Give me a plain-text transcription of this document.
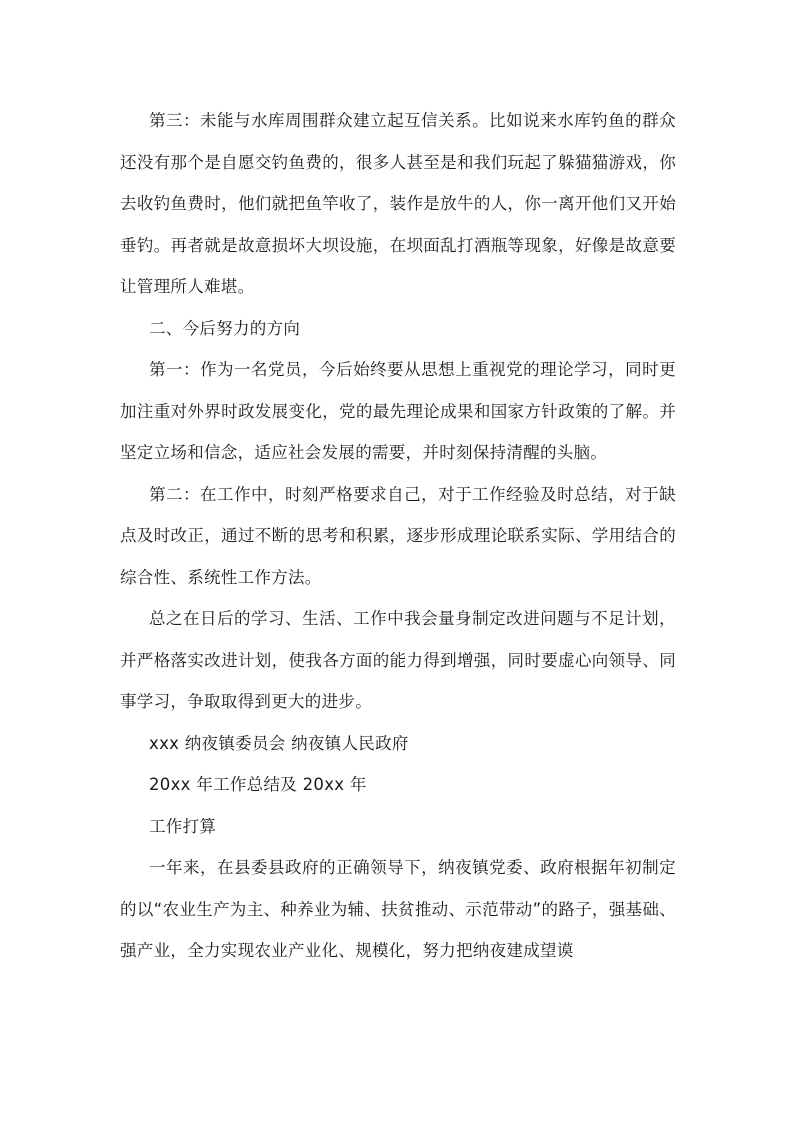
第三：未能与水库周围群众建立起互信关系。比如说来水库钓鱼的群众还没有那个是自愿交钓鱼费的，很多人甚至是和我们玩起了躲猫猫游戏，你去收钓鱼费时，他们就把鱼竿收了，装作是放牛的人，你一离开他们又开始垂钓。再者就是故意损坏大坝设施，在坝面乱打酒瓶等现象，好像是故意要让管理所人难堪。

二、今后努力的方向

第一：作为一名党员，今后始终要从思想上重视党的理论学习，同时更加注重对外界时政发展变化，党的最先理论成果和国家方针政策的了解。并坚定立场和信念，适应社会发展的需要，并时刻保持清醒的头脑。

第二：在工作中，时刻严格要求自己，对于工作经验及时总结，对于缺点及时改正，通过不断的思考和积累，逐步形成理论联系实际、学用结合的综合性、系统性工作方法。

总之在日后的学习、生活、工作中我会量身制定改进问题与不足计划，并严格落实改进计划，使我各方面的能力得到增强，同时要虚心向领导、同事学习，争取取得到更大的进步。

xxx 纳夜镇委员会 纳夜镇人民政府

20xx 年工作总结及 20xx 年

工作打算

一年来，在县委县政府的正确领导下，纳夜镇党委、政府根据年初制定的以“农业生产为主、种养业为辅、扶贫推动、示范带动”的路子，强基础、强产业，全力实现农业产业化、规模化，努力把纳夜建成望谟
